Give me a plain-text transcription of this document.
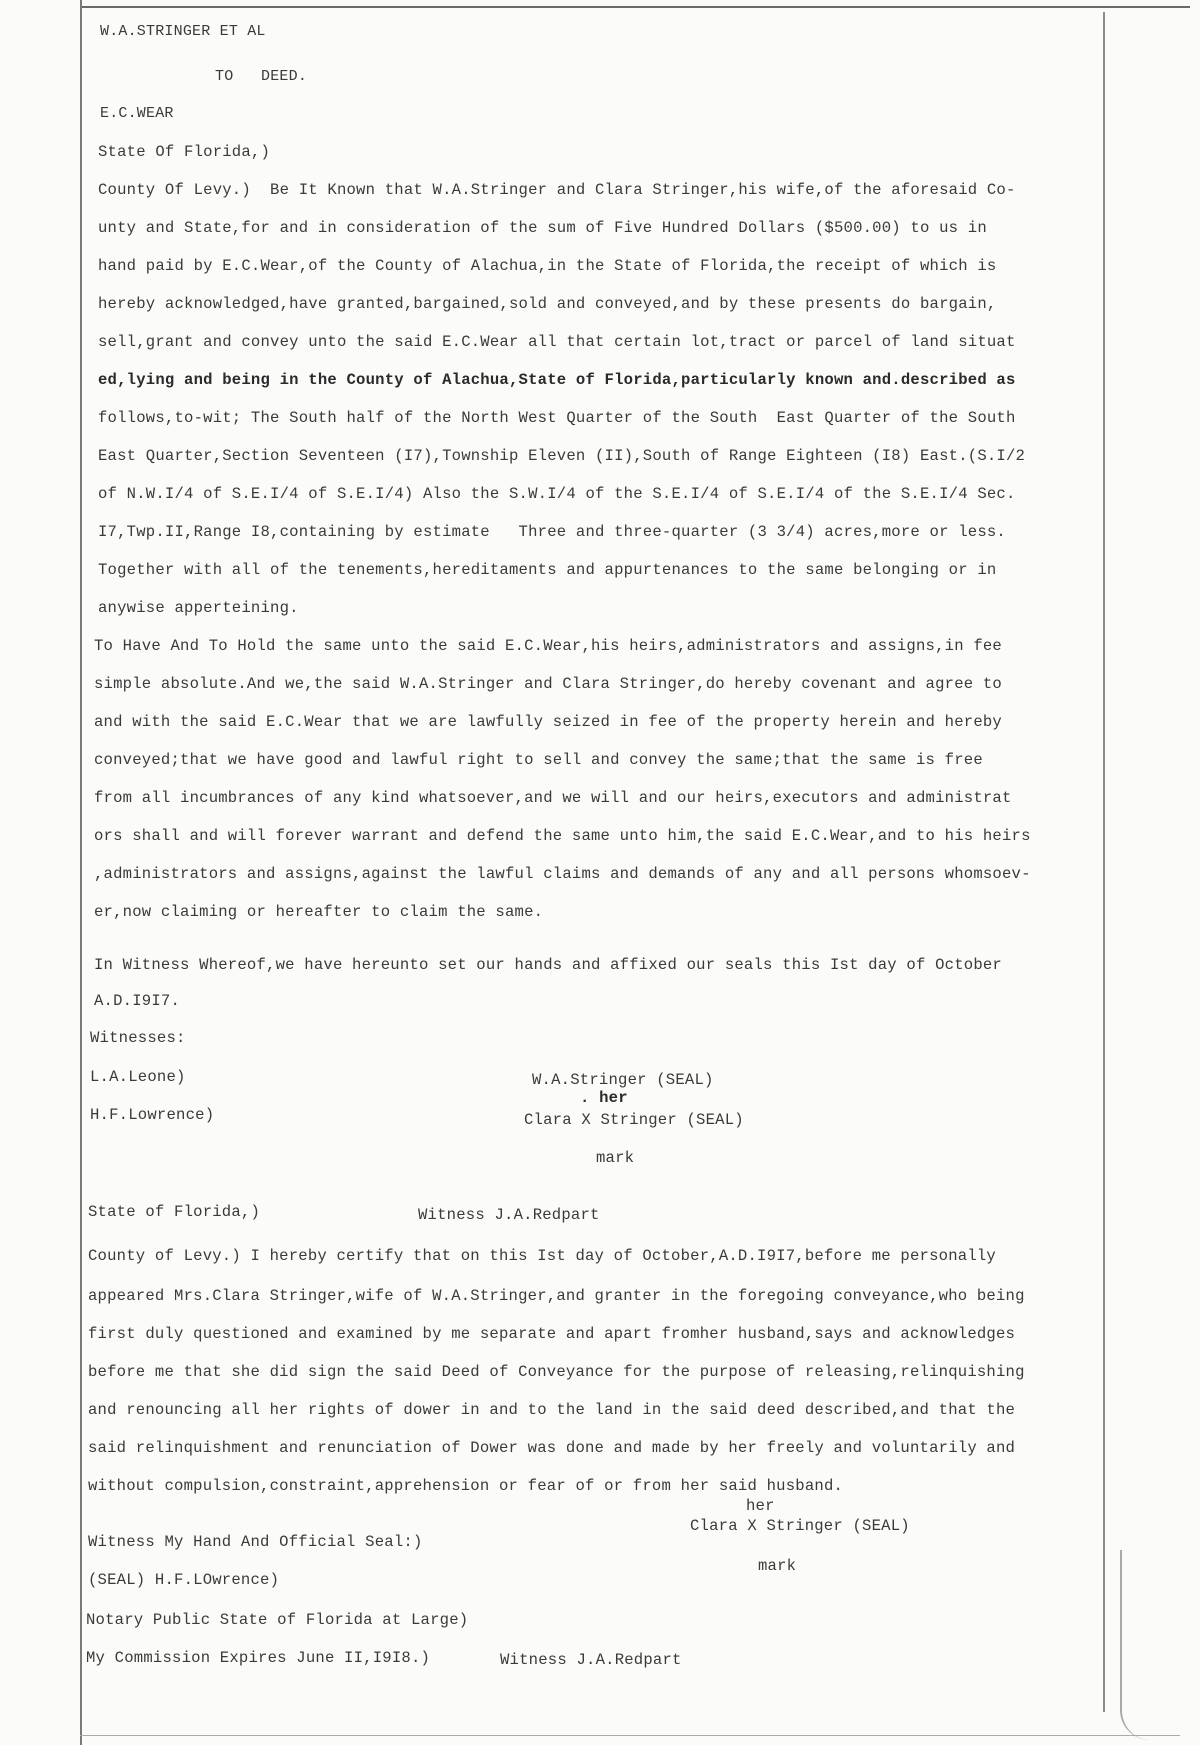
W.A.STRINGER ET AL
TO   DEED.
E.C.WEAR
State Of Florida,)
County Of Levy.)  Be It Known that W.A.Stringer and Clara Stringer,his wife,of the aforesaid Co-
unty and State,for and in consideration of the sum of Five Hundred Dollars ($500.00) to us in
hand paid by E.C.Wear,of the County of Alachua,in the State of Florida,the receipt of which is
hereby acknowledged,have granted,bargained,sold and conveyed,and by these presents do bargain,
sell,grant and convey unto the said E.C.Wear all that certain lot,tract or parcel of land situat
ed,lying and being in the County of Alachua,State of Florida,particularly known and.described as
follows,to-wit; The South half of the North West Quarter of the South  East Quarter of the South
East Quarter,Section Seventeen (I7),Township Eleven (II),South of Range Eighteen (I8) East.(S.I/2
of N.W.I/4 of S.E.I/4 of S.E.I/4) Also the S.W.I/4 of the S.E.I/4 of S.E.I/4 of the S.E.I/4 Sec.
I7,Twp.II,Range I8,containing by estimate   Three and three-quarter (3 3/4) acres,more or less.
Together with all of the tenements,hereditaments and appurtenances to the same belonging or in
anywise apperteining.
To Have And To Hold the same unto the said E.C.Wear,his heirs,administrators and assigns,in fee
simple absolute.And we,the said W.A.Stringer and Clara Stringer,do hereby covenant and agree to
and with the said E.C.Wear that we are lawfully seized in fee of the property herein and hereby
conveyed;that we have good and lawful right to sell and convey the same;that the same is free
from all incumbrances of any kind whatsoever,and we will and our heirs,executors and administrat
ors shall and will forever warrant and defend the same unto him,the said E.C.Wear,and to his heirs
,administrators and assigns,against the lawful claims and demands of any and all persons whomsoev-
er,now claiming or hereafter to claim the same.
In Witness Whereof,we have hereunto set our hands and affixed our seals this Ist day of October
A.D.I9I7.
Witnesses:
L.A.Leone)
H.F.Lowrence)
W.A.Stringer (SEAL)
. her
Clara X Stringer (SEAL)
mark
State of Florida,)	Witness J.A.Redpart
County of Levy.) I hereby certify that on this Ist day of October,A.D.I9I7,before me personally
appeared Mrs.Clara Stringer,wife of W.A.Stringer,and granter in the foregoing conveyance,who being
first duly questioned and examined by me separate and apart fromher husband,says and acknowledges
before me that she did sign the said Deed of Conveyance for the purpose of releasing,relinquishing
and renouncing all her rights of dower in and to the land in the said deed described,and that the
said relinquishment and renunciation of Dower was done and made by her freely and voluntarily and
without compulsion,constraint,apprehension or fear of or from her said husband.
her
Clara X Stringer (SEAL)
mark
Witness My Hand And Official Seal:)
(SEAL) H.F.LOwrence)
Notary Public State of Florida at Large)
My Commission Expires June II,I9I8.)	Witness J.A.Redpart
